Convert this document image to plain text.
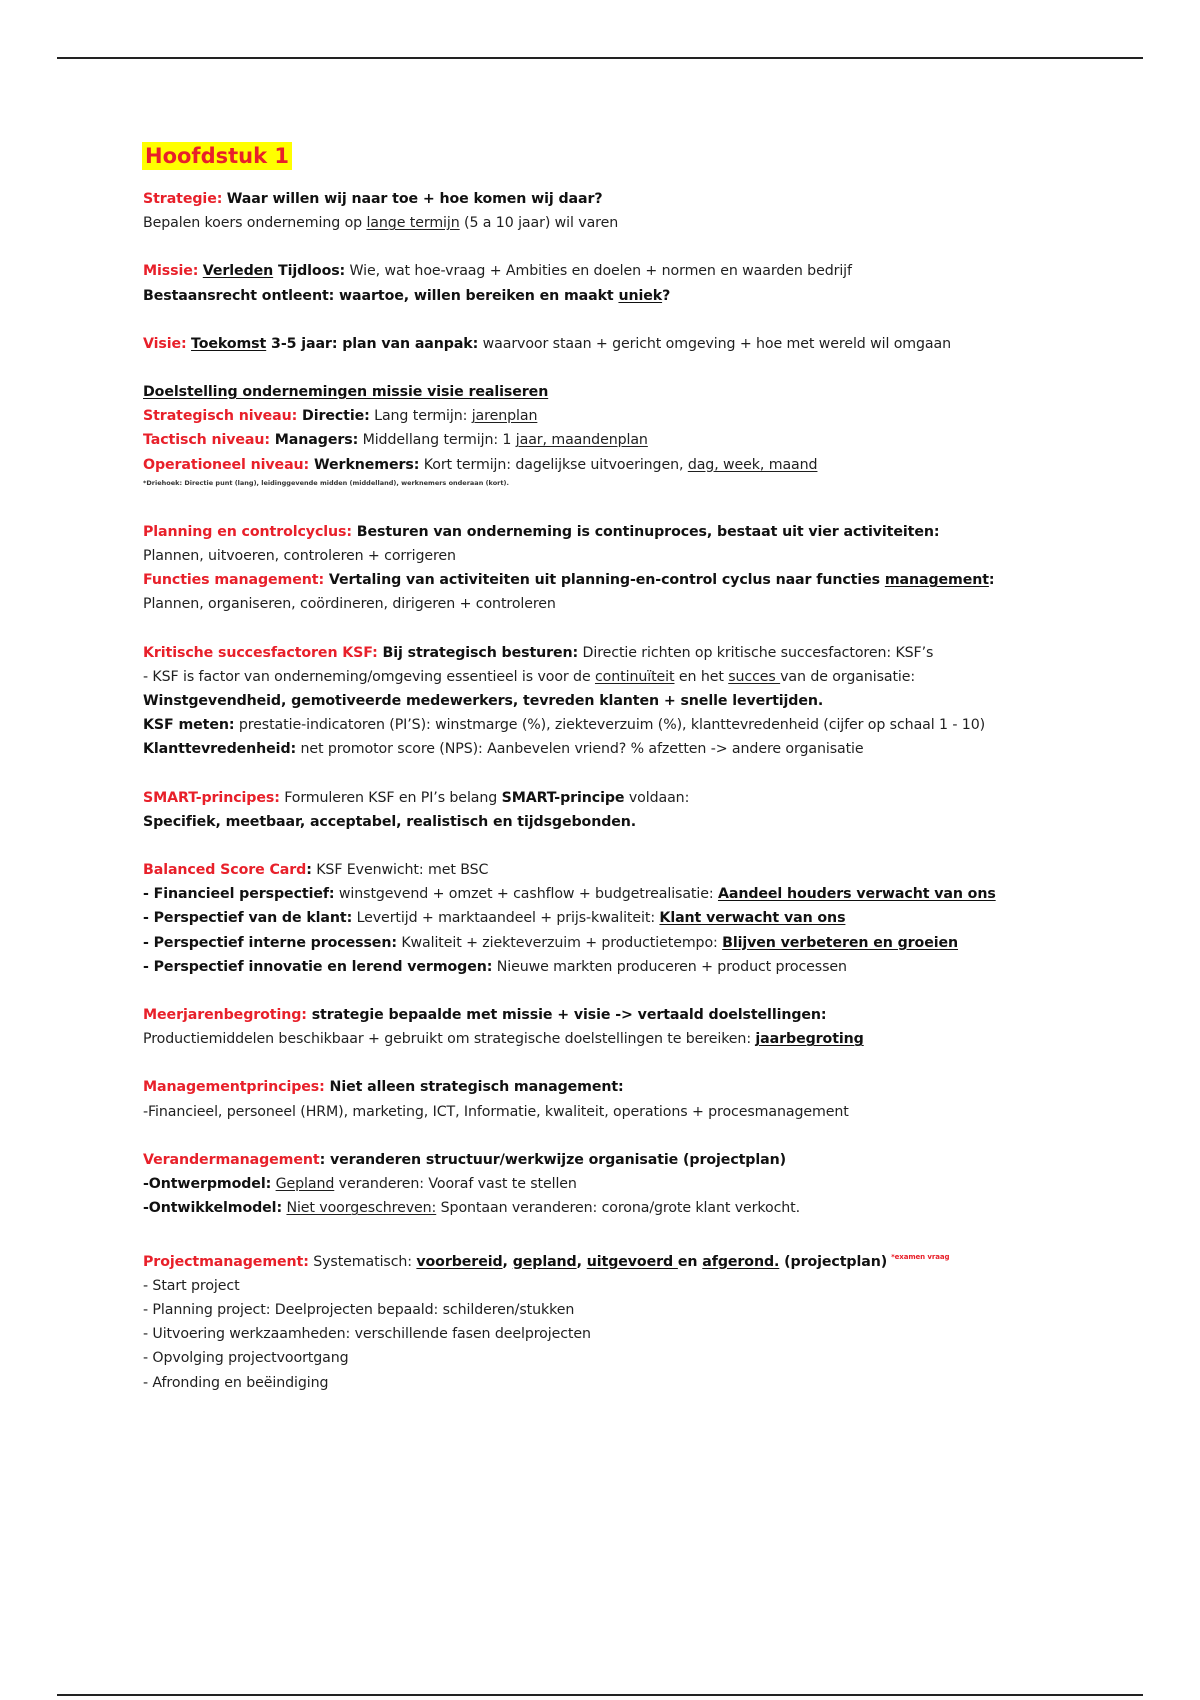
Hoofdstuk 1
Strategie: Waar willen wij naar toe + hoe komen wij daar?
Bepalen koers onderneming op lange termijn (5 a 10 jaar) wil varen
Missie: Verleden Tijdloos: Wie, wat hoe-vraag + Ambities en doelen + normen en waarden bedrijf
Bestaansrecht ontleent: waartoe, willen bereiken en maakt uniek?
Visie: Toekomst 3-5 jaar: plan van aanpak: waarvoor staan + gericht omgeving + hoe met wereld wil omgaan
Doelstelling ondernemingen missie visie realiseren
Strategisch niveau: Directie: Lang termijn: jarenplan
Tactisch niveau: Managers: Middellang termijn: 1 jaar, maandenplan
Operationeel niveau: Werknemers: Kort termijn: dagelijkse uitvoeringen, dag, week, maand
*Driehoek: Directie punt (lang), leidinggevende midden (middelland), werknemers onderaan (kort).
Planning en controlcyclus: Besturen van onderneming is continuproces, bestaat uit vier activiteiten:
Plannen, uitvoeren, controleren + corrigeren
Functies management: Vertaling van activiteiten uit planning-en-control cyclus naar functies management:
Plannen, organiseren, coördineren, dirigeren + controleren
Kritische succesfactoren KSF: Bij strategisch besturen: Directie richten op kritische succesfactoren: KSF’s
- KSF is factor van onderneming/omgeving essentieel is voor de continuïteit en het succes van de organisatie:
Winstgevendheid, gemotiveerde medewerkers, tevreden klanten + snelle levertijden.
KSF meten: prestatie-indicatoren (PI’S): winstmarge (%), ziekteverzuim (%), klanttevredenheid (cijfer op schaal 1 - 10)
Klanttevredenheid: net promotor score (NPS): Aanbevelen vriend? % afzetten -> andere organisatie
SMART-principes: Formuleren KSF en PI’s belang SMART-principe voldaan:
Specifiek, meetbaar, acceptabel, realistisch en tijdsgebonden.
Balanced Score Card: KSF Evenwicht: met BSC
- Financieel perspectief: winstgevend + omzet + cashflow + budgetrealisatie: Aandeel houders verwacht van ons
- Perspectief van de klant: Levertijd + marktaandeel + prijs-kwaliteit: Klant verwacht van ons
- Perspectief interne processen: Kwaliteit + ziekteverzuim + productietempo: Blijven verbeteren en groeien
- Perspectief innovatie en lerend vermogen: Nieuwe markten produceren + product processen
Meerjarenbegroting: strategie bepaalde met missie + visie -> vertaald doelstellingen:
Productiemiddelen beschikbaar + gebruikt om strategische doelstellingen te bereiken: jaarbegroting
Managementprincipes: Niet alleen strategisch management:
-Financieel, personeel (HRM), marketing, ICT, Informatie, kwaliteit, operations + procesmanagement
Verandermanagement: veranderen structuur/werkwijze organisatie (projectplan)
-Ontwerpmodel: Gepland veranderen: Vooraf vast te stellen
-Ontwikkelmodel: Niet voorgeschreven: Spontaan veranderen: corona/grote klant verkocht.
Projectmanagement: Systematisch: voorbereid, gepland, uitgevoerd en afgerond. (projectplan) $^{*examen vraag}$
- Start project
- Planning project: Deelprojecten bepaald: schilderen/stukken
- Uitvoering werkzaamheden: verschillende fasen deelprojecten
- Opvolging projectvoortgang
- Afronding en beëindiging
